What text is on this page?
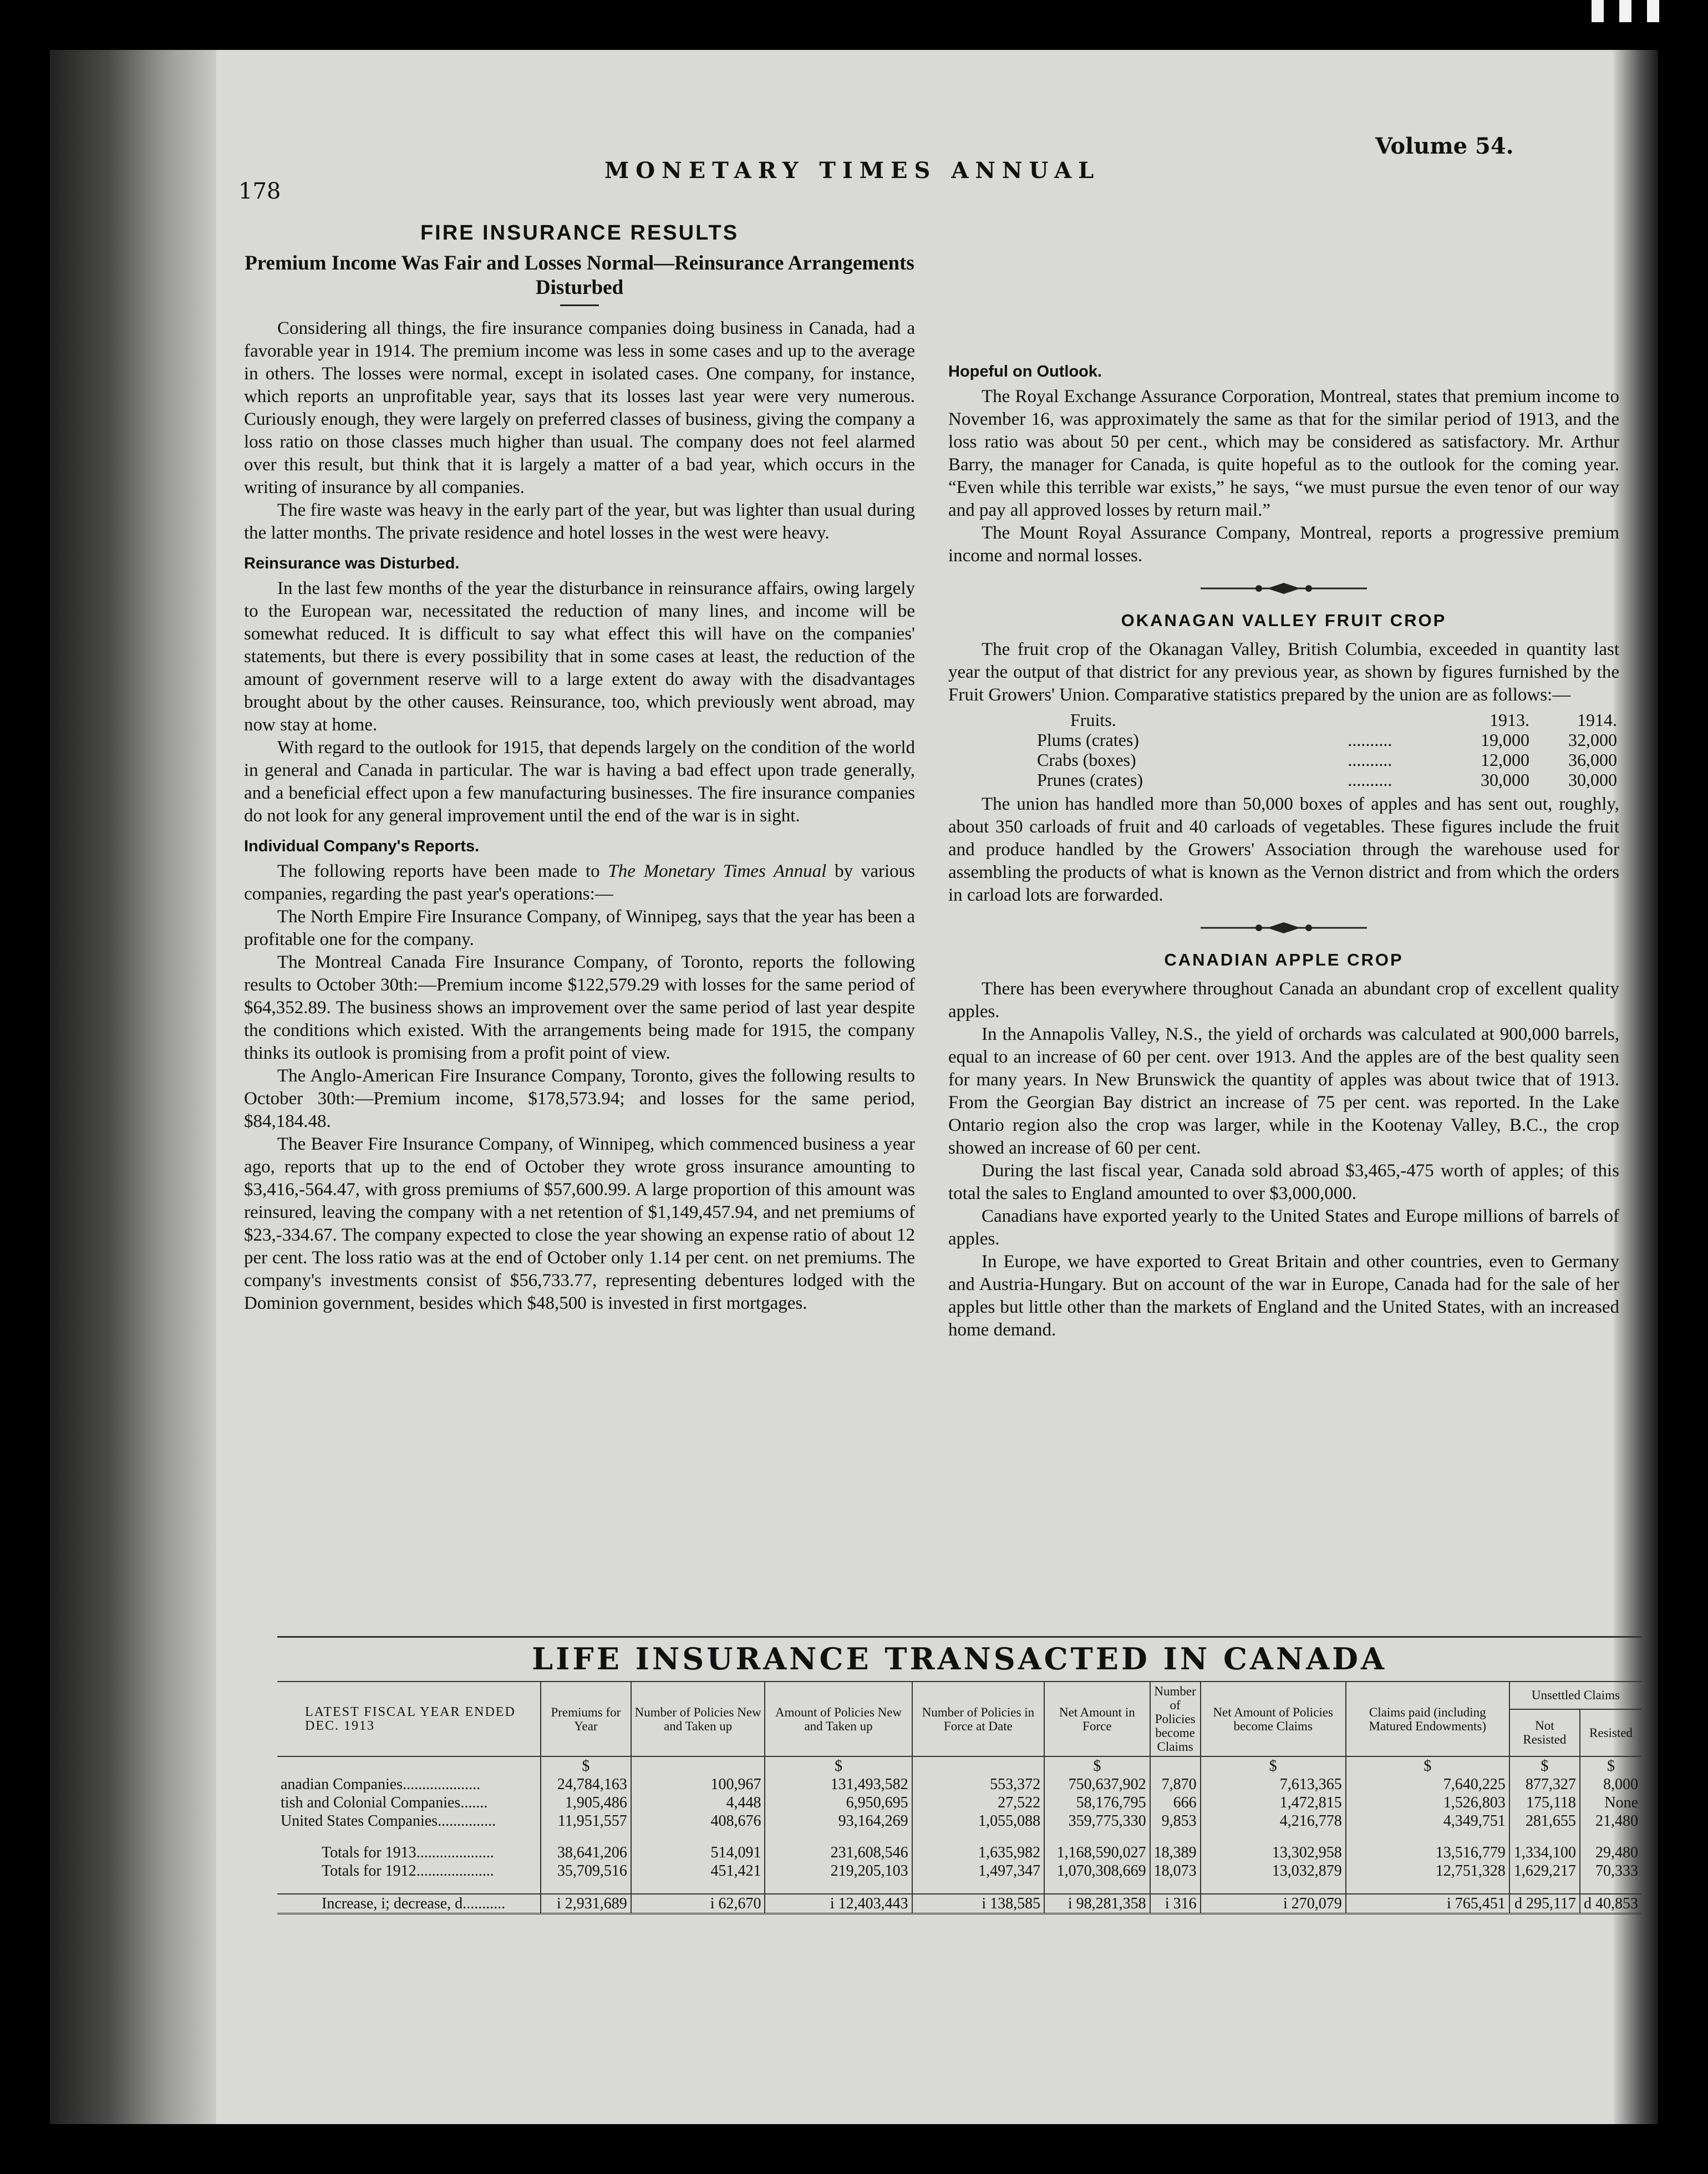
178
MONETARY TIMES ANNUAL
Volume 54.
FIRE INSURANCE RESULTS
Premium Income Was Fair and Losses Normal—Reinsurance Arrangements Disturbed

Considering all things, the fire insurance companies doing business in Canada, had a favorable year in 1914. The premium income was less in some cases and up to the average in others. The losses were normal, except in isolated cases. One company, for instance, which reports an unprofitable year, says that its losses last year were very numerous. Curiously enough, they were largely on preferred classes of business, giving the company a loss ratio on those classes much higher than usual. The company does not feel alarmed over this result, but think that it is largely a matter of a bad year, which occurs in the writing of insurance by all companies.

The fire waste was heavy in the early part of the year, but was lighter than usual during the latter months. The private residence and hotel losses in the west were heavy.

Reinsurance was Disturbed.

In the last few months of the year the disturbance in reinsurance affairs, owing largely to the European war, necessitated the reduction of many lines, and income will be somewhat reduced. It is difficult to say what effect this will have on the companies' statements, but there is every possibility that in some cases at least, the reduction of the amount of government reserve will to a large extent do away with the disadvantages brought about by the other causes. Reinsurance, too, which previously went abroad, may now stay at home.

With regard to the outlook for 1915, that depends largely on the condition of the world in general and Canada in particular. The war is having a bad effect upon trade generally, and a beneficial effect upon a few manufacturing businesses. The fire insurance companies do not look for any general improvement until the end of the war is in sight.

Individual Company's Reports.

The following reports have been made to The Monetary Times Annual by various companies, regarding the past year's operations:—

The North Empire Fire Insurance Company, of Winnipeg, says that the year has been a profitable one for the company.

The Montreal Canada Fire Insurance Company, of Toronto, reports the following results to October 30th:—Premium income $122,579.29 with losses for the same period of $64,352.89. The business shows an improvement over the same period of last year despite the conditions which existed. With the arrangements being made for 1915, the company thinks its outlook is promising from a profit point of view.

The Anglo-American Fire Insurance Company, Toronto, gives the following results to October 30th:—Premium income, $178,573.94; and losses for the same period, $84,184.48.

The Beaver Fire Insurance Company, of Winnipeg, which commenced business a year ago, reports that up to the end of October they wrote gross insurance amounting to $3,416,-564.47, with gross premiums of $57,600.99. A large proportion of this amount was reinsured, leaving the company with a net retention of $1,149,457.94, and net premiums of $23,-334.67. The company expected to close the year showing an expense ratio of about 12 per cent. The loss ratio was at the end of October only 1.14 per cent. on net premiums. The company's investments consist of $56,733.77, representing debentures lodged with the Dominion government, besides which $48,500 is invested in first mortgages.

Hopeful on Outlook.

The Royal Exchange Assurance Corporation, Montreal, states that premium income to November 16, was approximately the same as that for the similar period of 1913, and the loss ratio was about 50 per cent., which may be considered as satisfactory. Mr. Arthur Barry, the manager for Canada, is quite hopeful as to the outlook for the coming year. “Even while this terrible war exists,” he says, “we must pursue the even tenor of our way and pay all approved losses by return mail.”

The Mount Royal Assurance Company, Montreal, reports a progressive premium income and normal losses.

OKANAGAN VALLEY FRUIT CROP

The fruit crop of the Okanagan Valley, British Columbia, exceeded in quantity last year the output of that district for any previous year, as shown by figures furnished by the Fruit Growers' Union. Comparative statistics prepared by the union are as follows:—

Fruits.		1913.	1914.
Plums (crates)	..........	19,000	32,000
Crabs (boxes)	..........	12,000	36,000
Prunes (crates)	..........	30,000	30,000

The union has handled more than 50,000 boxes of apples and has sent out, roughly, about 350 carloads of fruit and 40 carloads of vegetables. These figures include the fruit and produce handled by the Growers' Association through the warehouse used for assembling the products of what is known as the Vernon district and from which the orders in carload lots are forwarded.

CANADIAN APPLE CROP

There has been everywhere throughout Canada an abundant crop of excellent quality apples.

In the Annapolis Valley, N.S., the yield of orchards was calculated at 900,000 barrels, equal to an increase of 60 per cent. over 1913. And the apples are of the best quality seen for many years. In New Brunswick the quantity of apples was about twice that of 1913. From the Georgian Bay district an increase of 75 per cent. was reported. In the Lake Ontario region also the crop was larger, while in the Kootenay Valley, B.C., the crop showed an increase of 60 per cent.

During the last fiscal year, Canada sold abroad $3,465,-475 worth of apples; of this total the sales to England amounted to over $3,000,000.

Canadians have exported yearly to the United States and Europe millions of barrels of apples.

In Europe, we have exported to Great Britain and other countries, even to Germany and Austria-Hungary. But on account of the war in Europe, Canada had for the sale of her apples but little other than the markets of England and the United States, with an increased home demand.

LIFE INSURANCE TRANSACTED IN CANADA
LATEST FISCAL YEAR ENDED DEC. 1913	Premiums for Year	Number of Policies New and Taken up	Amount of Policies New and Taken up	Number of Policies in Force at Date	Net Amount in Force	Number of Policies become Claims	Net Amount of Policies become Claims	Claims paid (including Matured Endowments)	Unsettled Claims	
									Not Resisted	Resisted
	$		$		$		$	$	$	$
anadian Companies....................	24,784,163	100,967	131,493,582	553,372	750,637,902	7,870	7,613,365	7,640,225	877,327	8,000
tish and Colonial Companies.......	1,905,486	4,448	6,950,695	27,522	58,176,795	666	1,472,815	1,526,803	175,118	None
United States Companies...............	11,951,557	408,676	93,164,269	1,055,088	359,775,330	9,853	4,216,778	4,349,751	281,655	21,480

Totals for 1913....................	38,641,206	514,091	231,608,546	1,635,982	1,168,590,027	18,389	13,302,958	13,516,779	1,334,100	29,480
Totals for 1912....................	35,709,516	451,421	219,205,103	1,497,347	1,070,308,669	18,073	13,032,879	12,751,328	1,629,217	70,333

Increase, i; decrease, d...........	i 2,931,689	i 62,670	i 12,403,443	i 138,585	i 98,281,358	i 316	i 270,079	i 765,451	d 295,117	d 40,853
